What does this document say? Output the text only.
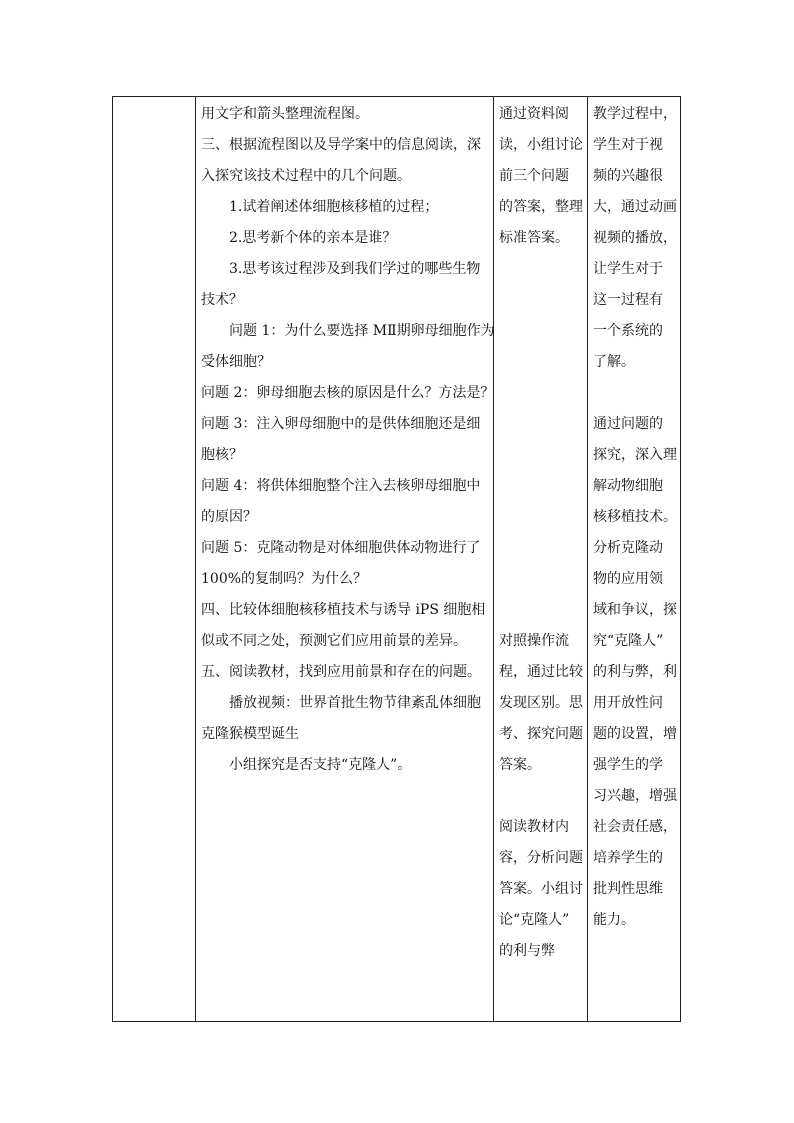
用文字和箭头整理流程图。
三、根据流程图以及导学案中的信息阅读，深
入探究该技术过程中的几个问题。
1.试着阐述体细胞核移植的过程；
2.思考新个体的亲本是谁？
3.思考该过程涉及到我们学过的哪些生物
技术？
问题 1：为什么要选择 MⅡ期卵母细胞作为
受体细胞？
问题 2：卵母细胞去核的原因是什么？方法是？
问题 3：注入卵母细胞中的是供体细胞还是细
胞核？
问题 4：将供体细胞整个注入去核卵母细胞中
的原因？
问题 5：克隆动物是对体细胞供体动物进行了
100%的复制吗？为什么？
四、比较体细胞核移植技术与诱导 iPS 细胞相
似或不同之处，预测它们应用前景的差异。
五、阅读教材，找到应用前景和存在的问题。
播放视频：世界首批生物节律紊乱体细胞
克隆猴模型诞生
小组探究是否支持“克隆人”。
通过资料阅
读，小组讨论
前三个问题
的答案，整理
标准答案。
对照操作流
程，通过比较
发现区别。思
考、探究问题
答案。
阅读教材内
容，分析问题
答案。小组讨
论“克隆人”
的利与弊
教学过程中，
学生对于视
频的兴趣很
大，通过动画
视频的播放，
让学生对于
这一过程有
一个系统的
了解。
通过问题的
探究，深入理
解动物细胞
核移植技术。
分析克隆动
物的应用领
域和争议，探
究“克隆人”
的利与弊，利
用开放性问
题的设置，增
强学生的学
习兴趣，增强
社会责任感，
培养学生的
批判性思维
能力。
